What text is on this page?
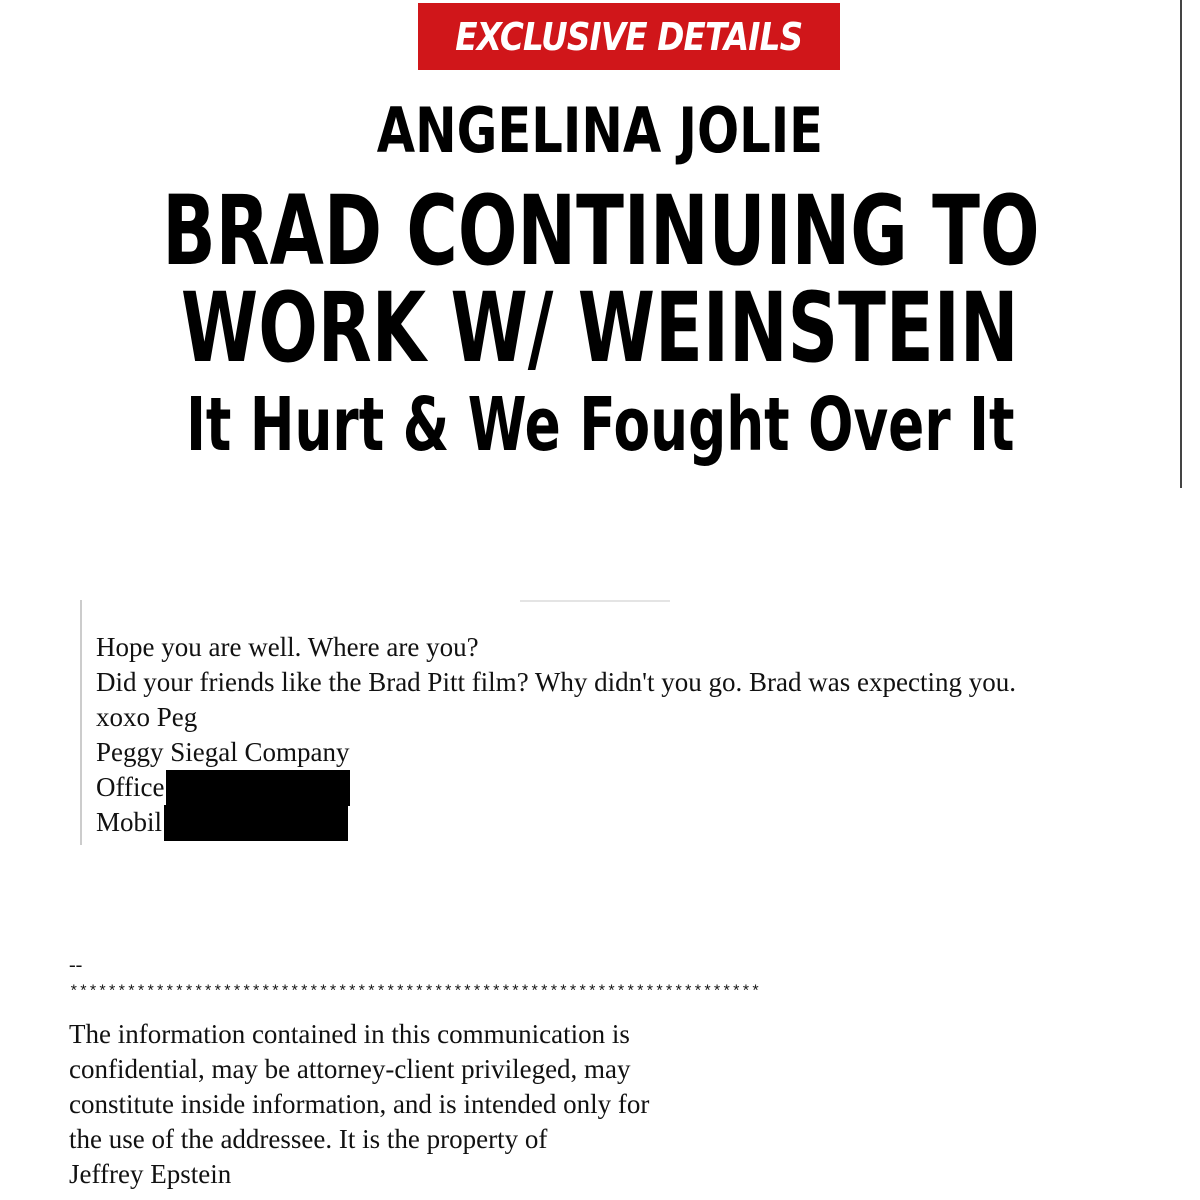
EXCLUSIVE DETAILS
ANGELINA JOLIE
BRAD CONTINUING TO
WORK W/ WEINSTEIN
It Hurt & We Fought Over It
Hope you are well. Where are you?
Did your friends like the Brad Pitt film? Why didn't you go. Brad was expecting you.
xoxo Peg
Peggy Siegal Company
Office
Mobil
--
************************************************************************
The information contained in this communication is
confidential, may be attorney-client privileged, may
constitute inside information, and is intended only for
the use of the addressee. It is the property of
Jeffrey Epstein
